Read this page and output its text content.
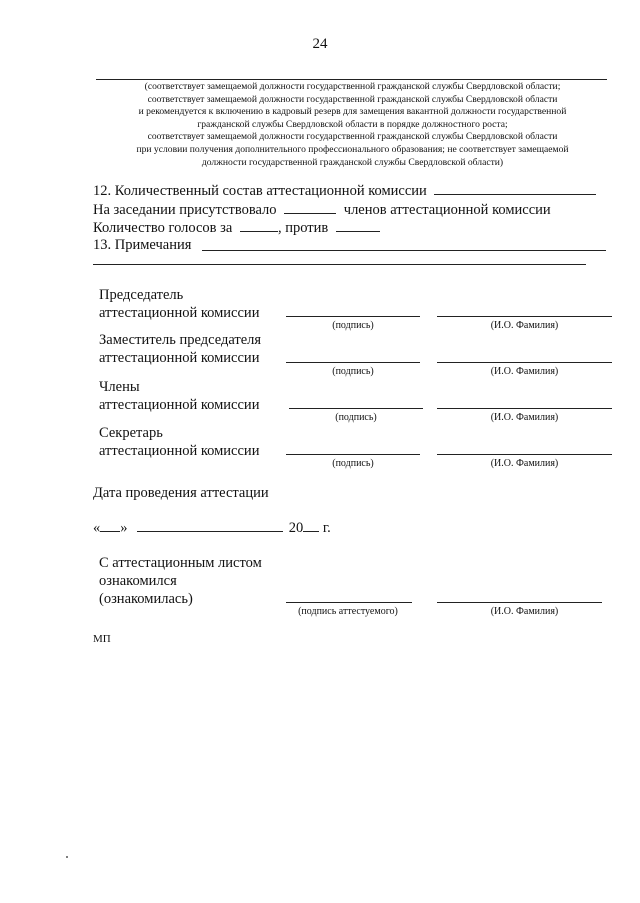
24
(соответствует замещаемой должности государственной гражданской службы Свердловской области;
соответствует замещаемой должности государственной гражданской службы Свердловской области
и рекомендуется к включению в кадровый резерв для замещения вакантной должности государственной
гражданской службы Свердловской области в порядке должностного роста;
соответствует замещаемой должности государственной гражданской службы Свердловской области
при условии получения дополнительного профессионального образования; не соответствует замещаемой
должности государственной гражданской службы Свердловской области)
12. Количественный состав аттестационной комиссии
На заседании присутствовало	членов аттестационной комиссии
Количество голосов за	, против
13. Примечания
Председатель
аттестационной комиссии
(подпись)	(И.О. Фамилия)
Заместитель председателя
аттестационной комиссии
(подпись)	(И.О. Фамилия)
Члены
аттестационной комиссии
(подпись)	(И.О. Фамилия)
Секретарь
аттестационной комиссии
(подпись)	(И.О. Фамилия)
Дата проведения аттестации
« »	20 г.
С аттестационным листом
ознакомился
(ознакомилась)
(подпись аттестуемого)	(И.О. Фамилия)
МП
